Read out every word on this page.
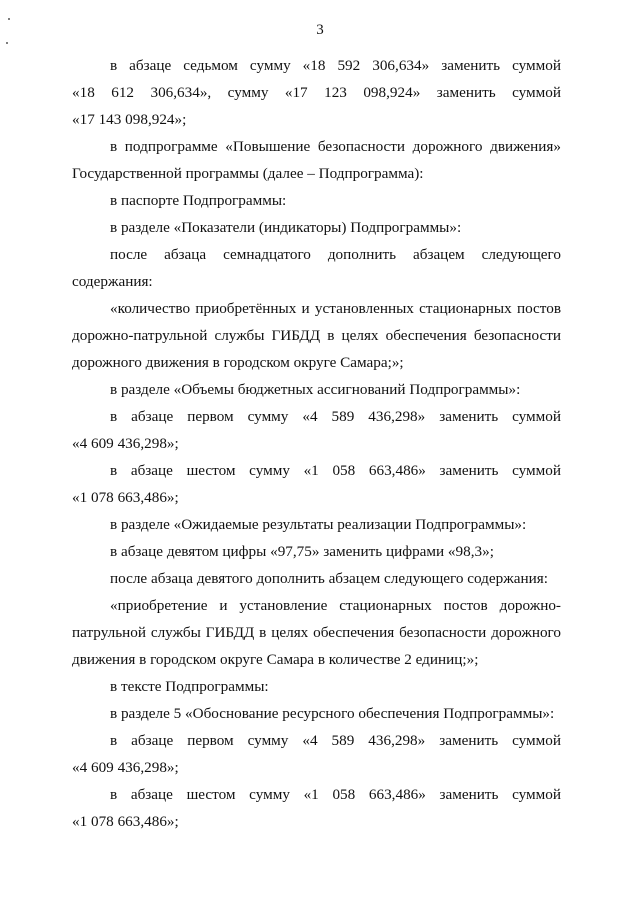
3
в абзаце седьмом сумму «18 592 306,634» заменить суммой
«18 612 306,634», сумму «17 123 098,924» заменить суммой
«17 143 098,924»;
в подпрограмме «Повышение безопасности дорожного движения»
Государственной программы (далее – Подпрограмма):
в паспорте Подпрограммы:
в разделе «Показатели (индикаторы) Подпрограммы»:
после абзаца семнадцатого дополнить абзацем следующего
содержания:
«количество приобретённых и установленных стационарных постов
дорожно-патрульной службы ГИБДД в целях обеспечения безопасности
дорожного движения в городском округе Самара;»;
в разделе «Объемы бюджетных ассигнований Подпрограммы»:
в абзаце первом сумму «4 589 436,298» заменить суммой
«4 609 436,298»;
в абзаце шестом сумму «1 058 663,486» заменить суммой
«1 078 663,486»;
в разделе «Ожидаемые результаты реализации Подпрограммы»:
в абзаце девятом цифры «97,75» заменить цифрами «98,3»;
после абзаца девятого дополнить абзацем следующего содержания:
«приобретение и установление стационарных постов дорожно-
патрульной службы ГИБДД в целях обеспечения безопасности дорожного
движения в городском округе Самара в количестве 2 единиц;»;
в тексте Подпрограммы:
в разделе 5 «Обоснование ресурсного обеспечения Подпрограммы»:
в абзаце первом сумму «4 589 436,298» заменить суммой
«4 609 436,298»;
в абзаце шестом сумму «1 058 663,486» заменить суммой
«1 078 663,486»;
